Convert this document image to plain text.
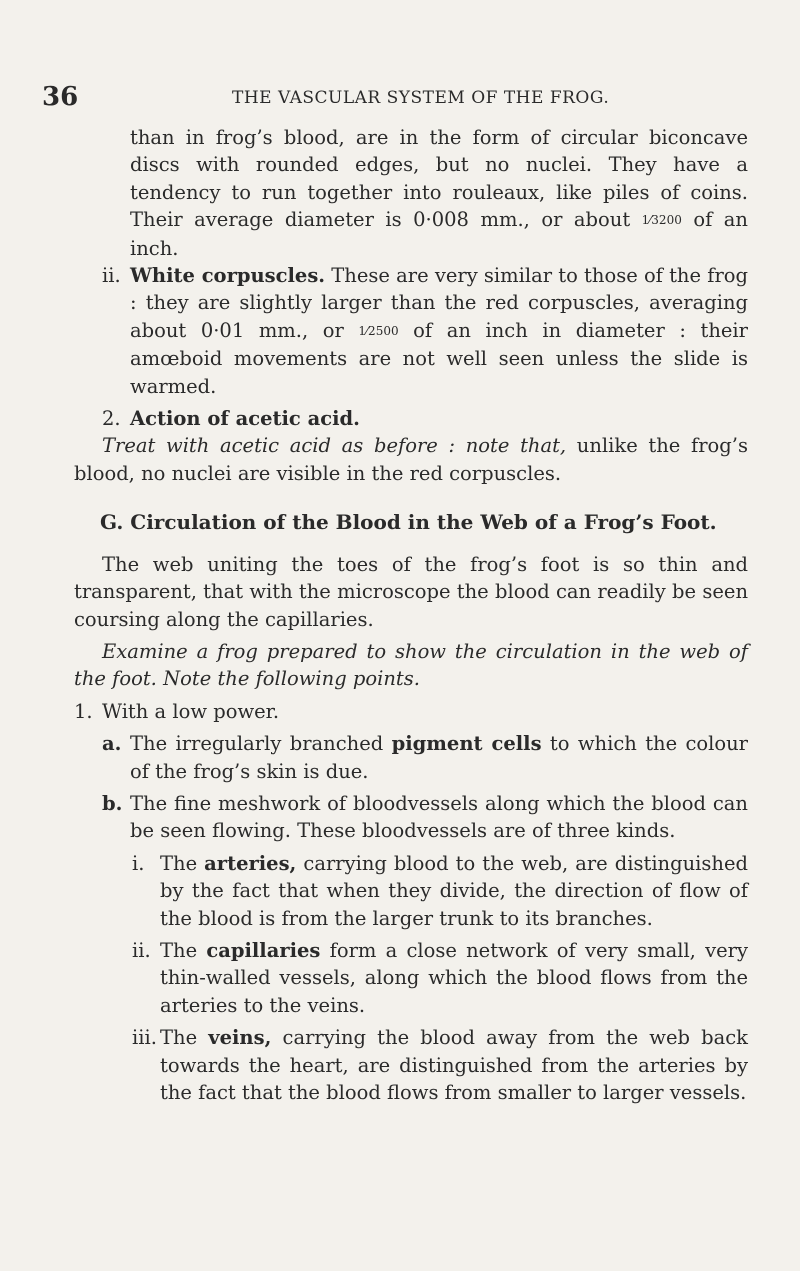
36	THE VASCULAR SYSTEM OF THE FROG.

than in frog’s blood, are in the form of circular biconcave discs with rounded edges, but no nuclei. They have a tendency to run together into rouleaux, like piles of coins. Their average diameter is 0·008 mm., or about 1⁄3200 of an inch.

ii. White corpuscles. These are very similar to those of the frog : they are slightly larger than the red corpuscles, averaging about 0·01 mm., or 1⁄2500 of an inch in diameter : their amœboid movements are not well seen unless the slide is warmed.

2. Action of acetic acid.

Treat with acetic acid as before : note that, unlike the frog’s blood, no nuclei are visible in the red corpuscles.

G. Circulation of the Blood in the Web of a Frog’s Foot.

The web uniting the toes of the frog’s foot is so thin and transparent, that with the microscope the blood can readily be seen coursing along the capillaries.

Examine a frog prepared to show the circulation in the web of the foot. Note the following points.

1. With a low power.

a. The irregularly branched pigment cells to which the colour of the frog’s skin is due.

b. The fine meshwork of bloodvessels along which the blood can be seen flowing. These bloodvessels are of three kinds.

i. The arteries, carrying blood to the web, are distinguished by the fact that when they divide, the direction of flow of the blood is from the larger trunk to its branches.

ii. The capillaries form a close network of very small, very thin-walled vessels, along which the blood flows from the arteries to the veins.

iii. The veins, carrying the blood away from the web back towards the heart, are distinguished from the arteries by the fact that the blood flows from smaller to larger vessels.
